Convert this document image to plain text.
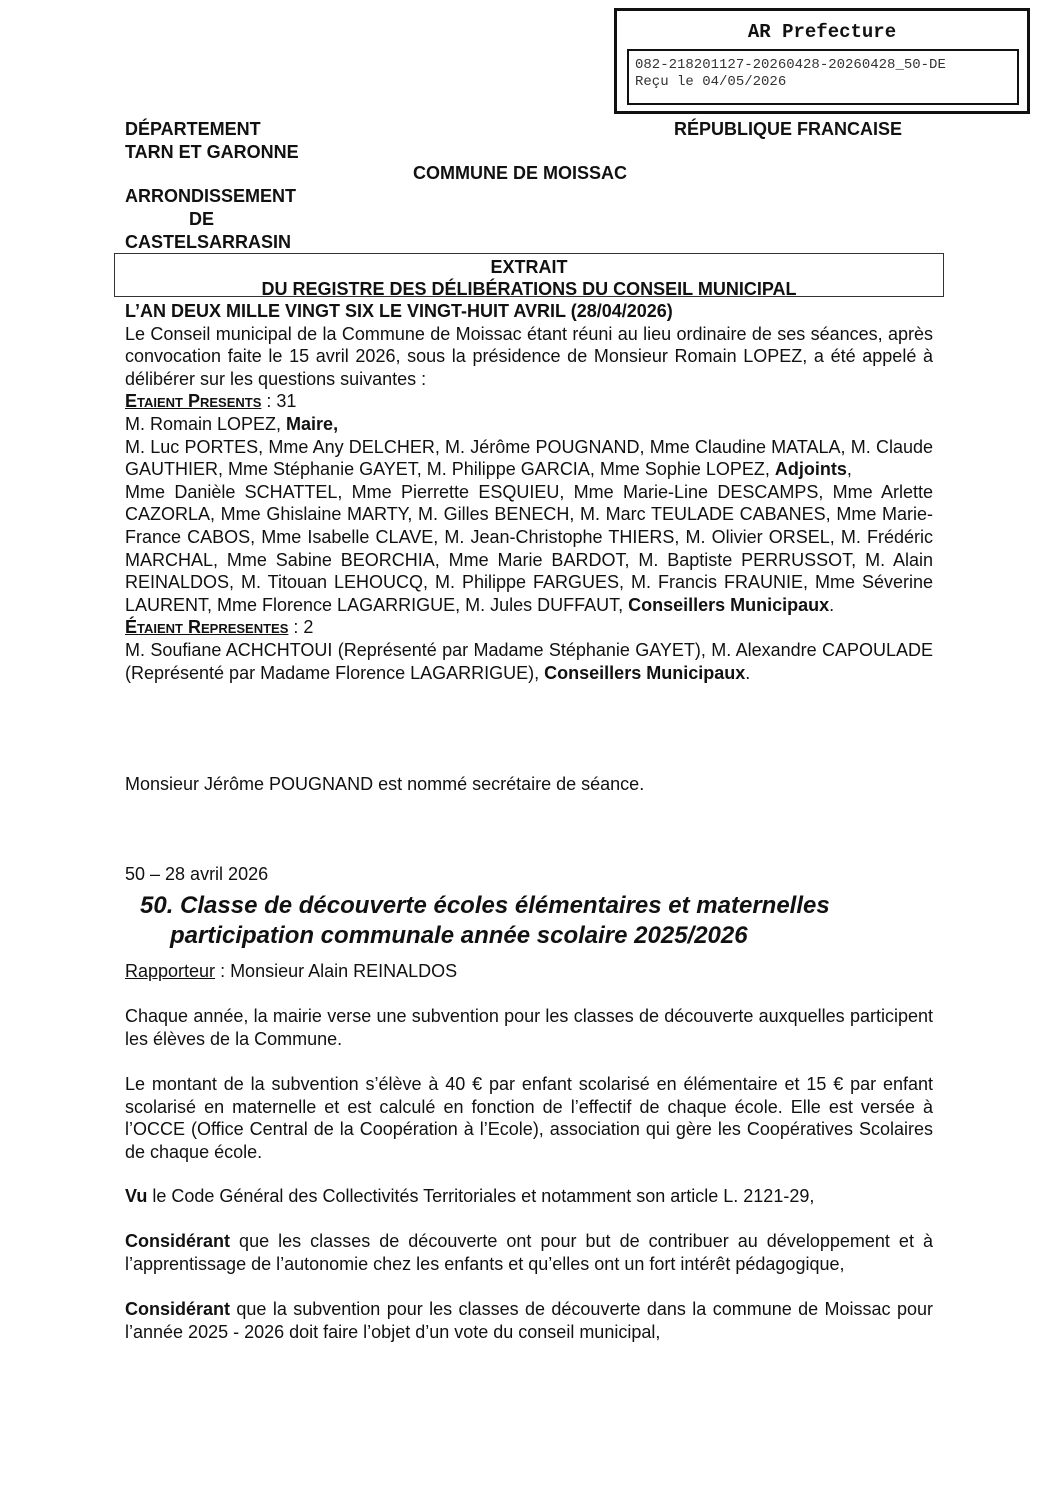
AR Prefecture
082-218201127-20260428-20260428_50-DE
Reçu le 04/05/2026
DÉPARTEMENT
TARN ET GARONNE
RÉPUBLIQUE FRANCAISE
COMMUNE DE MOISSAC
ARRONDISSEMENT
DE
CASTELSARRASIN
EXTRAIT
DU REGISTRE DES DÉLIBÉRATIONS DU CONSEIL MUNICIPAL

L’AN DEUX MILLE VINGT SIX LE VINGT-HUIT AVRIL (28/04/2026)

Le Conseil municipal de la Commune de Moissac étant réuni au lieu ordinaire de ses séances, après convocation faite le 15 avril 2026, sous la présidence de Monsieur Romain LOPEZ, a été appelé à délibérer sur les questions suivantes :

Etaient Presents : 31

M. Romain LOPEZ, Maire,

M. Luc PORTES, Mme Any DELCHER, M. Jérôme POUGNAND, Mme Claudine MATALA, M. Claude GAUTHIER, Mme Stéphanie GAYET, M. Philippe GARCIA, Mme Sophie LOPEZ, Adjoints,

Mme Danièle SCHATTEL, Mme Pierrette ESQUIEU, Mme Marie-Line DESCAMPS, Mme Arlette CAZORLA, Mme Ghislaine MARTY, M. Gilles BENECH, M. Marc TEULADE CABANES, Mme Marie-France CABOS, Mme Isabelle CLAVE, M. Jean-Christophe THIERS, M. Olivier ORSEL, M. Frédéric MARCHAL, Mme Sabine BEORCHIA, Mme Marie BARDOT, M. Baptiste PERRUSSOT, M. Alain REINALDOS, M. Titouan LEHOUCQ, M. Philippe FARGUES, M. Francis FRAUNIE, Mme Séverine LAURENT, Mme Florence LAGARRIGUE, M. Jules DUFFAUT, Conseillers Municipaux.

Étaient Representes : 2

M. Soufiane ACHCHTOUI (Représenté par Madame Stéphanie GAYET), M. Alexandre CAPOULADE (Représenté par Madame Florence LAGARRIGUE), Conseillers Municipaux.

Monsieur Jérôme POUGNAND est nommé secrétaire de séance.
50 – 28 avril 2026
50. Classe de découverte écoles élémentaires et maternelles
participation communale année scolaire 2025/2026
Rapporteur : Monsieur Alain REINALDOS
Chaque année, la mairie verse une subvention pour les classes de découverte auxquelles participent les élèves de la Commune.
Le montant de la subvention s’élève à 40 € par enfant scolarisé en élémentaire et 15 € par enfant scolarisé en maternelle et est calculé en fonction de l’effectif de chaque école. Elle est versée à l’OCCE (Office Central de la Coopération à l’Ecole), association qui gère les Coopératives Scolaires de chaque école.
Vu le Code Général des Collectivités Territoriales et notamment son article L. 2121-29,
Considérant que les classes de découverte ont pour but de contribuer au développement et à l’apprentissage de l’autonomie chez les enfants et qu’elles ont un fort intérêt pédagogique,
Considérant que la subvention pour les classes de découverte dans la commune de Moissac pour l’année 2025 - 2026 doit faire l’objet d’un vote du conseil municipal,
